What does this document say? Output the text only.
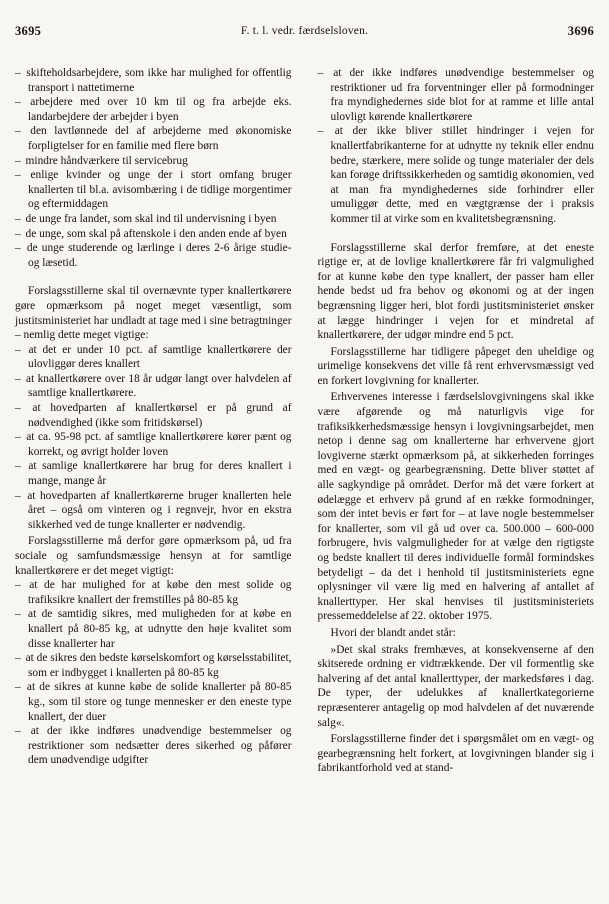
3695	F. t. l. vedr. færdselsloven.	3696
– skifteholdsarbejdere, som ikke har mulighed for offentlig transport i nattetimerne
– arbejdere med over 10 km til og fra arbejde eks. landarbejdere der arbejder i byen
– den lavtlønnede del af arbejderne med økonomiske forpligtelser for en familie med flere børn
– mindre håndværkere til servicebrug
– enlige kvinder og unge der i stort omfang bruger knallerten til bl.a. avisombæring i de tidlige morgentimer og eftermiddagen
– de unge fra landet, som skal ind til undervisning i byen
– de unge, som skal på aftenskole i den anden ende af byen
– de unge studerende og lærlinge i deres 2-6 årige studie- og læsetid.

Forslagsstillerne skal til overnævnte typer knallertkørere gøre opmærksom på noget meget væsentligt, som justitsministeriet har undladt at tage med i sine betragtninger – nemlig dette meget vigtige:

– at det er under 10 pct. af samtlige knallertkørere der ulovliggør deres knallert
– at knallertkørere over 18 år udgør langt over halvdelen af samtlige knallertkørere.
– at hovedparten af knallertkørsel er på grund af nødvendighed (ikke som fritidskørsel)
– at ca. 95-98 pct. af samtlige knallertkørere kører pænt og korrekt, og øvrigt holder loven
– at samlige knallertkørere har brug for deres knallert i mange, mange år
– at hovedparten af knallertkørerne bruger knallerten hele året – også om vinteren og i regnvejr, hvor en ekstra sikkerhed ved de tunge knallerter er nødvendig.

Forslagsstillerne må derfor gøre opmærksom på, ud fra sociale og samfundsmæssige hensyn at for samtlige knallertkørere er det meget vigtigt:

– at de har mulighed for at købe den mest solide og trafiksikre knallert der fremstilles på 80-85 kg
– at de samtidig sikres, med muligheden for at købe en knallert på 80-85 kg, at udnytte den høje kvalitet som disse knallerter har
– at de sikres den bedste kørselskomfort og kørselsstabilitet, som er indbygget i knallerten på 80-85 kg
– at de sikres at kunne købe de solide knallerter på 80-85 kg., som til store og tunge mennesker er den eneste type knallert, der duer
– at der ikke indføres unødvendige bestemmelser og restriktioner som nedsætter deres sikerhed og påfører dem unødvendige udgifter
– at der ikke indføres unødvendige bestemmelser og restriktioner ud fra forventninger eller på formodninger fra myndighedernes side blot for at ramme et lille antal ulovligt kørende knallertkørere
– at der ikke bliver stillet hindringer i vejen for knallertfabrikanterne for at udnytte ny teknik eller endnu bedre, stærkere, mere solide og tunge materialer der dels kan forøge driftssikkerheden og samtidig økonomien, ved at man fra myndighedernes side forhindrer eller umuliggør dette, med en vægtgrænse der i praksis kommer til at virke som en kvalitetsbegrænsning.

Forslagsstillerne skal derfor fremføre, at det eneste rigtige er, at de lovlige knallertkørere får fri valgmulighed for at kunne købe den type knallert, der passer ham eller hende bedst ud fra behov og økonomi og at der ingen begrænsning ligger heri, blot fordi justitsministeriet ønsker at lægge hindringer i vejen for et mindretal af knallertkørere, der udgør mindre end 5 pct.

Forslagsstillerne har tidligere påpeget den uheldige og urimelige konsekvens det ville få rent erhvervsmæssigt ved en forkert lovgivning for knallerter.

Erhvervenes interesse i færdselslovgivningens skal ikke være afgørende og må naturligvis vige for trafiksikkerhedsmæssige hensyn i lovgivningsarbejdet, men netop i denne sag om knallerterne har erhvervene gjort lovgiverne stærkt opmærksom på, at sikkerheden forringes med en vægt- og gearbegrænsning. Dette bliver støttet af alle sagkyndige på området. Derfor må det være forkert at ødelægge et erhverv på grund af en række formodninger, som der intet bevis er ført for – at lave nogle bestemmelser for knallerter, som vil gå ud over ca. 500.000 – 600-000 forbrugere, hvis valgmuligheder for at vælge den rigtigste og bedste knallert til deres individuelle formål formindskes betydeligt – da det i henhold til justitsministeriets egne oplysninger vil være lig med en halvering af antallet af knallerttyper. Her skal henvises til justitsministeriets pressemeddelelse af 22. oktober 1975.

Hvori der blandt andet står:

»Det skal straks fremhæves, at konsekvenserne af den skitserede ordning er vidtrækkende. Der vil formentlig ske halvering af det antal knallerttyper, der markedsføres i dag. De typer, der udelukkes af knallertkategorierne repræsenterer antagelig op mod halvdelen af det nuværende salg«.

Forslagsstillerne finder det i spørgsmålet om en vægt- og gearbegrænsning helt forkert, at lovgivningen blander sig i fabrikantforhold ved at stand-
